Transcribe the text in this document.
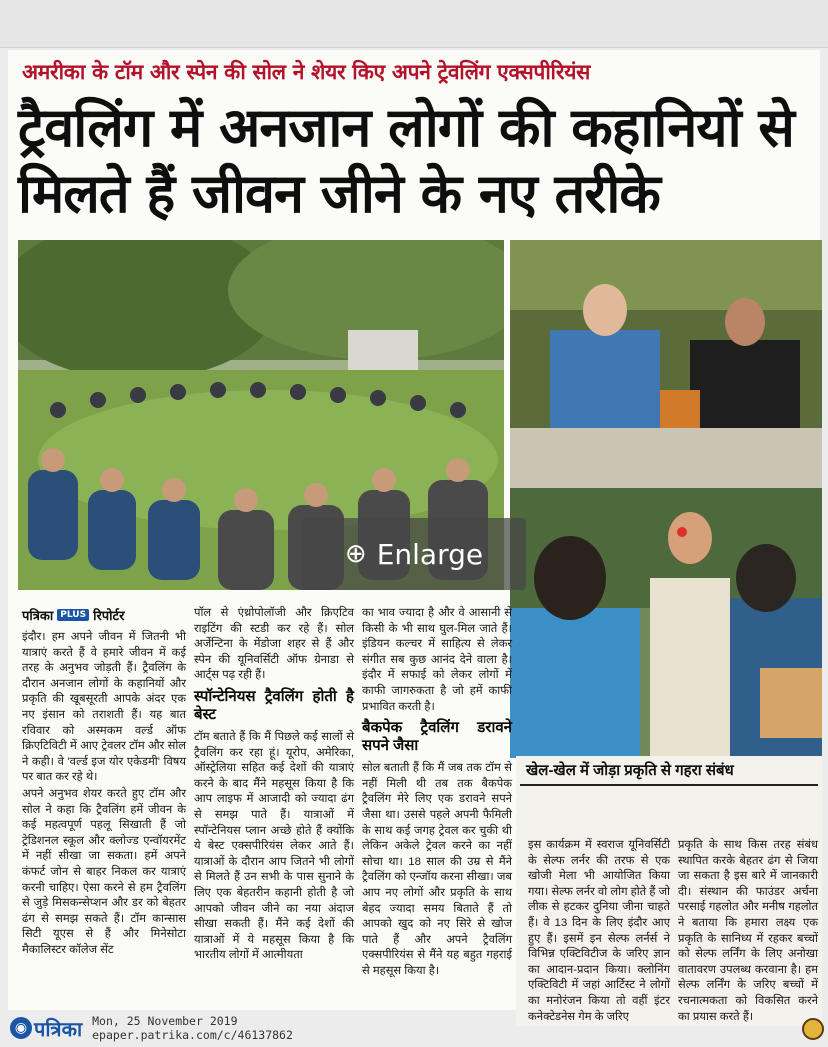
अमरीका के टॉम और स्पेन की सोल ने शेयर किए अपने ट्रेवलिंग एक्सपीरियंस
ट्रैवलिंग में अनजान लोगों की कहानियों से मिलते हैं जीवन जीने के नए तरीके
पत्रिका PLUS रिपोर्टर

इंदौर। हम अपने जीवन में जितनी भी यात्राएं करते हैं वे हमारे जीवन में कई तरह के अनुभव जोड़ती हैं। ट्रैवलिंग के दौरान अनजान लोगों के कहानियों और प्रकृति की खूबसूरती आपके अंदर एक नए इंसान को तराशती हैं। यह बात रविवार को अस्मकम वर्ल्ड ऑफ क्रिएटिविटी में आए ट्रेवलर टॉम और सोल ने कही। वे 'वर्ल्ड इज योर एकेडमी' विषय पर बात कर रहे थे।

अपने अनुभव शेयर करते हुए टॉम और सोल ने कहा कि ट्रैवलिंग हमें जीवन के कई महत्वपूर्ण पहलू सिखाती हैं जो ट्रेडिशनल स्कूल और क्लोज्ड एन्वॉयरमेंट में नहीं सीखा जा सकता। हमें अपने कंफर्ट जोन से बाहर निकल कर यात्राएं करनी चाहिए। ऐसा करने से हम ट्रैवलिंग से जुड़े मिसकन्सेप्शन और डर को बेहतर ढंग से समझ सकते हैं। टॉम कान्सास सिटी यूएस से हैं और मिनेसोटा मैकालिस्टर कॉलेज सेंट

पॉल से एंथ्रोपोलॉजी और क्रिएटिव राइटिंग की स्टडी कर रहे हैं। सोल अर्जेन्टिना के मेंडोजा शहर से हैं और स्पेन की यूनिवर्सिटी ऑफ ग्रेनाडा से आर्ट्स पढ़ रही हैं।

स्पॉन्टेनियस ट्रैवलिंग होती है बेस्ट

टॉम बताते हैं कि मैं पिछले कई सालों से ट्रैवलिंग कर रहा हूं। यूरोप, अमेरिका, ऑस्ट्रेलिया सहित कई देशों की यात्राएं करने के बाद मैंने महसूस किया है कि आप लाइफ में आजादी को ज्यादा ढंग से समझ पाते हैं। यात्राओं में स्पॉन्टेनियस प्लान अच्छे होते हैं क्योंकि ये बेस्ट एक्सपीरियंस लेकर आते हैं। यात्राओं के दौरान आप जितने भी लोगों से मिलते हैं उन सभी के पास सुनाने के लिए एक बेहतरीन कहानी होती है जो आपको जीवन जीने का नया अंदाज सीखा सकती हैं। मैंने कई देशों की यात्राओं में ये महसूस किया है कि भारतीय लोगों में आत्मीयता

का भाव ज्यादा है और वे आसानी से किसी के भी साथ घुल-मिल जाते हैं। इंडियन कल्चर में साहित्य से लेकर संगीत सब कुछ आनंद देने वाला है। इंदौर में सफाई को लेकर लोगों में काफी जागरुकता है जो हमें काफी प्रभावित करती है।

बैकपेक ट्रैवलिंग डरावने सपने जैसा

सोल बताती हैं कि मैं जब तक टॉम से नहीं मिली थी तब तक बैकपेक ट्रैवलिंग मेरे लिए एक डरावने सपने जैसा था। उससे पहले अपनी फैमिली के साथ कई जगह ट्रेवल कर चुकी थी लेकिन अकेले ट्रेवल करने का नहीं सोचा था। 18 साल की उम्र से मैंने ट्रैवलिंग को एन्जॉय करना सीखा। जब आप नए लोगों और प्रकृति के साथ बेहद ज्यादा समय बिताते हैं तो आपको खुद को नए सिरे से खोज पाते हैं और अपने ट्रैवलिंग एक्सपीरियंस से मैंने यह बहुत गहराई से महसूस किया है।

खेल-खेल में जोड़ा प्रकृति से गहरा संबंध
इस कार्यक्रम में स्वराज यूनिवर्सिटी के सेल्फ लर्नर की तरफ से एक खोजी मेला भी आयोजित किया गया। सेल्फ लर्नर वो लोग होते हैं जो लीक से हटकर दुनिया जीना चाहते हैं। वे 13 दिन के लिए इंदौर आए हुए हैं। इसमें इन सेल्फ लर्नर्स ने विभिन्न एक्टिविटीज के जरिए ज्ञान का आदान-प्रदान किया। क्लोनिंग एक्टिविटी में जहां आर्टिस्ट ने लोगों का मनोरंजन किया तो वहीं इंटर कनेक्टेडनेस गेम के जरिए
प्रकृति के साथ किस तरह संबंध स्थापित करके बेहतर ढंग से जिया जा सकता है इस बारे में जानकारी दी। संस्थान की फाउंडर अर्चना परसाई गहलोत और मनीष गहलोत ने बताया कि हमारा लक्ष्य एक प्रकृति के सानिध्य में रहकर बच्चों को सेल्फ लर्निंग के लिए अनोखा वातावरण उपलब्ध करवाना है। हम सेल्फ लर्निंग के जरिए बच्चों में रचनात्मकता को विकसित करने का प्रयास करते हैं।
⊕ Enlarge
◉ पत्रिका Mon, 25 November 2019
epaper.patrika.com/c/46137862
